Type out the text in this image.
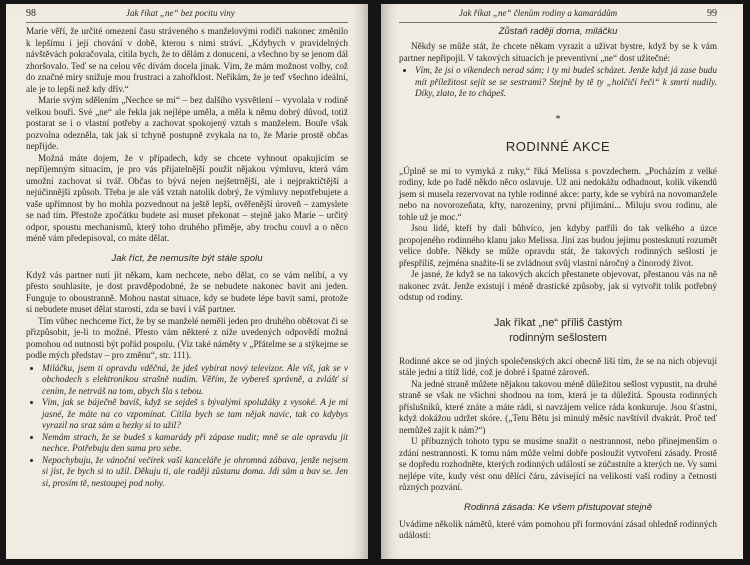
98	Jak říkat „ne“ bez pocitu viny

Marie věří, že určité omezení času stráveného s manželovými rodiči nakonec změnilo k lepšímu i její chování v době, kterou s nimi stráví. „Kdybych v pravidelných návštěvách pokračovala, cítila bych, že to dělám z donucení, a všechno by se jenom dál zhoršovalo. Teď se na celou věc dívám docela jinak. Vím, že mám možnost volby, což do značné míry snižuje mou frustraci a zahořklost. Neříkám, že je teď všechno ideální, ale je to lepší než kdy dřív.“

Marie svým sdělením „Nechce se mi“ – bez dalšího vysvětlení – vyvolala v rodině velkou bouři. Své „ne“ ale řekla jak nejlépe uměla, a měla k němu dobrý důvod, totiž postarat se i o vlastní potřeby a zachovat spokojený vztah s manželem. Bouře však pozvolna odezněla, tak jak si tchyně postupně zvykala na to, že Marie prostě občas nepřijde.

Možná máte dojem, že v případech, kdy se chcete vyhnout opakujícím se nepříjemným situacím, je pro vás přijatelnější použít nějakou výmluvu, která vám umožní zachovat si tvář. Občas to bývá nejen nejšetrnější, ale i nejpraktičtější a nejúčinnější způsob. Třeba je ale váš vztah natolik dobrý, že výmluvy nepotřebujete a vaše upřímnost by ho mohla pozvednout na ještě lepší, ověřenější úroveň – zamyslete se nad tím. Přestože zpočátku budete asi muset překonat – stejně jako Marie – určitý odpor, spoustu mechanismů, který toho druhého přiměje, aby trochu couvl a o něco méně vám předepisoval, co máte dělat.

Jak říct, že nemusíte být stále spolu

Když vás partner nutí jít někam, kam nechcete, nebo dělat, co se vám nelíbí, a vy přesto souhlasíte, je dost pravděpodobné, že se nebudete nakonec bavit ani jeden. Funguje to oboustranně. Mohou nastat situace, kdy se budete lépe bavit sami, protože si nebudete muset dělat starosti, zda se baví i váš partner.

Tím vůbec nechceme říct, že by se manželé neměli jeden pro druhého obětovat či se přizpůsobit, je-li to možné. Přesto vám některé z níže uvedených odpovědí možná pomohou od nutnosti být pořád pospolu. (Viz také náměty v „Přátelme se a stýkejme se podle mých představ – pro změnu“, str. 111).

• Miláčku, jsem ti opravdu vděčná, že jdeš vybírat nový televizor. Ale víš, jak se v obchodech s elektronikou strašně nudím. Věřím, že vybereš správně, a zvlášť si cením, že netrváš na tom, abych šla s tebou.
• Vím, jak se báječně bavíš, když se sejdeš s bývalými spolužáky z vysoké. A je mi jasné, že máte na co vzpomínat. Cítila bych se tam nějak navíc, tak co kdybys vyrazil na sraz sám a hezky si to užil?
• Nemám strach, že se budeš s kamarády při zápase nudit; mně se ale opravdu jít nechce. Potřebuju den sama pro sebe.
• Nepochybuju, že vánoční večírek vaší kanceláře je ohromná zábava, jenže nejsem si jist, že bych si to užil. Děkuju ti, ale raději zůstanu doma. Jdi sám a bav se. Jen si, prosím tě, nestoupej pod nohy.
Jak říkat „ne“ členům rodiny a kamarádům	99

Zůstaň raději doma, miláčku

Někdy se může stát, že chcete někam vyrazit a užívat bystre, když by se k vám partner nepřipojil. V takových situacích je preventivní „ne“ dost užitečné:

• Vím, že jsi o víkendech nerad sám; i ty mi budeš scházet. Jenže když já zase budu mít příležitost sejít se se sestrami? Stejně by tě ty „holčičí řeči“ k smrti nudily. Díky, zlato, že to chápeš.
*
RODINNÉ AKCE

„Úplně se mi to vymyká z ruky,“ říká Melissa s povzdechem. „Pocházím z velké rodiny, kde po řadě někdo něco oslavuje. Už ani nedokážu odhadnout, kolik víkendů jsem si musela rezervovat na tyhle rodinné akce: party, kde se vybírá na novomanžele nebo na novorozeňata, křty, narozeniny, první přijímání... Miluju svou rodinu, ale tohle už je moc.“

Jsou lidé, kteří by dali bůhvíco, jen kdyby patřili do tak velkého a úzce propojeného rodinného klanu jako Melissa. Jiní zas budou jejímu postesknutí rozumět velice dobře. Někdy se může opravdu stát, že takových rodinných sešlostí je přespříliš, zejména snažíte-li se zvládnout svůj vlastní náročný a činorodý život.

Je jasné, že když se na takových akcích přestanete objevovat, přestanou vás na ně nakonec zvát. Jenže existují i méně drastické způsoby, jak si vytvořit tolik potřebný odstup od rodiny.

Jak říkat „ne“ příliš častým
rodinným sešlostem

Rodinné akce se od jiných společenských akcí obecně liší tím, že se na nich objevují stále jedni a titíž lidé, což je dobré i špatné zároveň.

Na jedné straně můžete nějakou takovou méně důležitou sešlost vypustit, na druhé straně se však ne všichni shodnou na tom, která je ta důležitá. Spousta rodinných příslušníků, které znáte a máte rádi, si navzájem velice ráda konkuruje. Jsou šťastní, když dokážou udržet skóre. („Tetu Bětu jsi minulý měsíc navštívil dvakrát. Proč teď nemůžeš zajít k nám?“)

U příbuzných tohoto typu se musíme snažit o nestrannost, nebo přinejmenším o zdání nestrannosti. K tomu nám může velmi dobře posloužit vytvoření zásady. Prostě se dopředu rozhodněte, kterých rodinných událostí se zúčastníte a kterých ne. Vy sami nejlépe víte, kudy vést onu dělící čáru, závisející na velikosti vaší rodiny a četnosti různých pozvání.

Rodinná zásada: Ke všem přistupovat stejně

Uvádíme několik námětů, které vám pomohou při formování zásad ohledně rodinných událostí:
